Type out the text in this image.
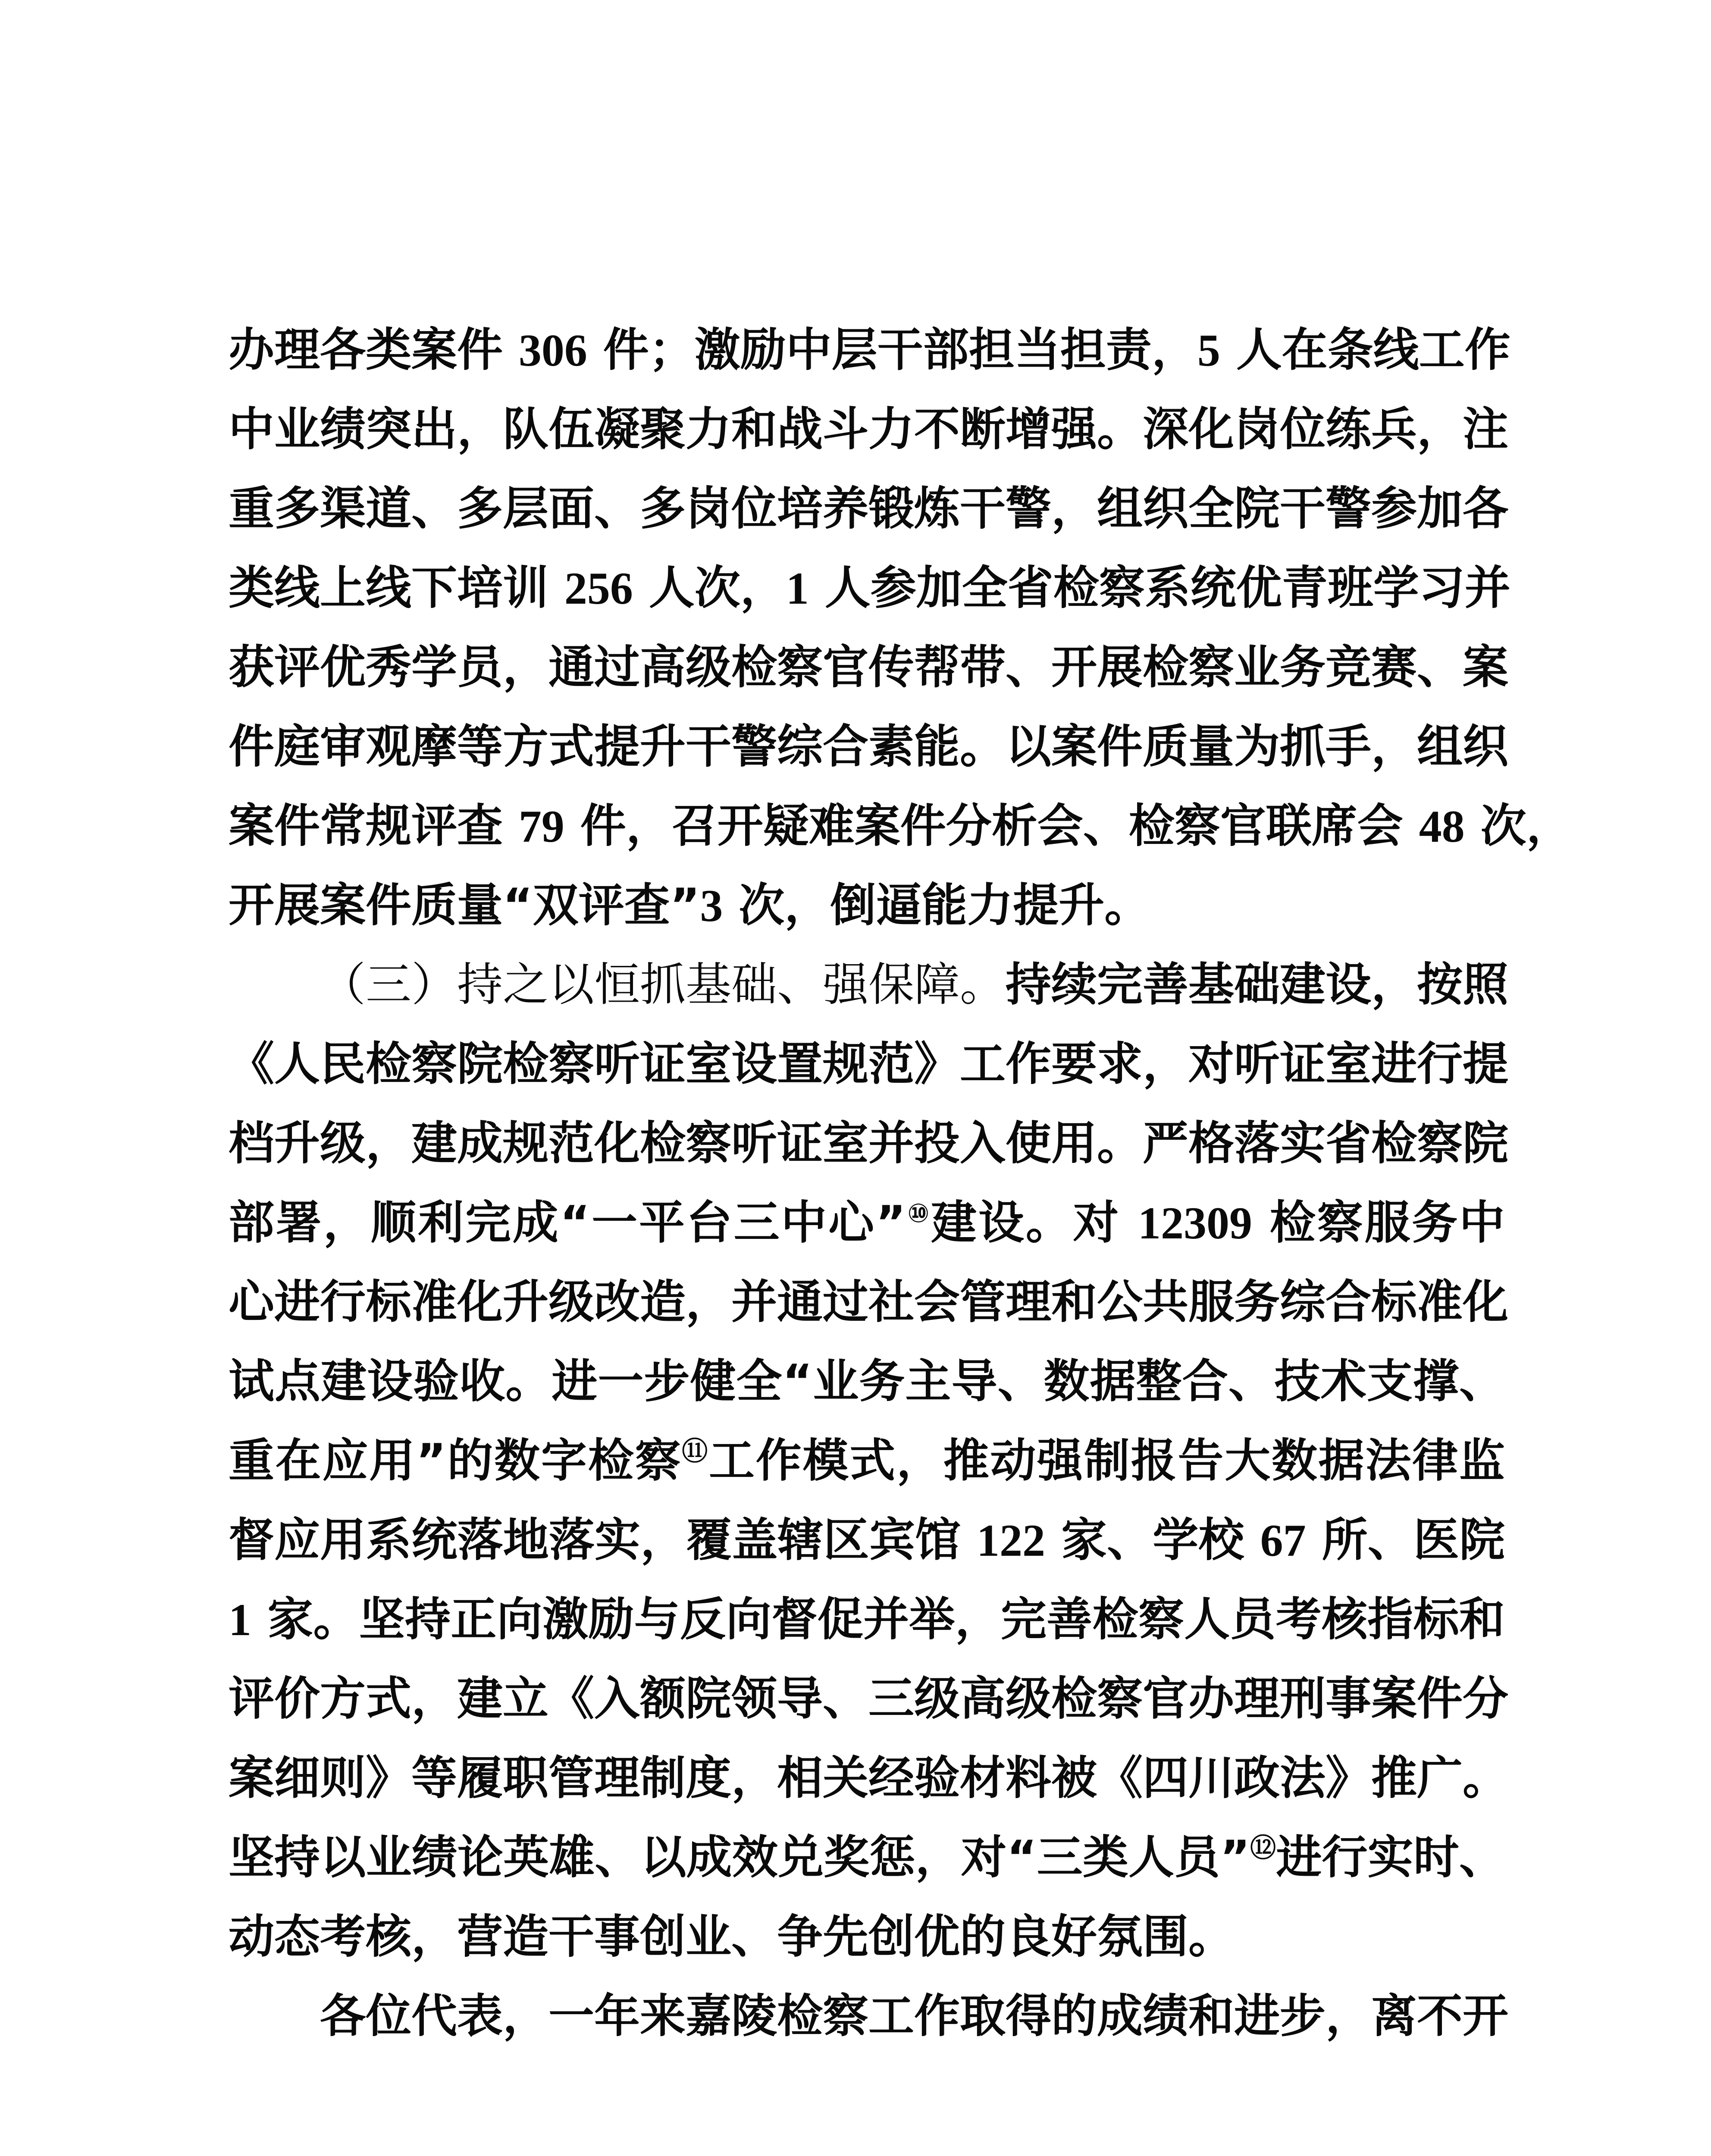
办理各类案件 306 件；激励中层干部担当担责，5 人在条线工作
中业绩突出，队伍凝聚力和战斗力不断增强。深化岗位练兵，注
重多渠道、多层面、多岗位培养锻炼干警，组织全院干警参加各
类线上线下培训 256 人次，1 人参加全省检察系统优青班学习并
获评优秀学员，通过高级检察官传帮带、开展检察业务竞赛、案
件庭审观摩等方式提升干警综合素能。以案件质量为抓手，组织
案件常规评查 79 件，召开疑难案件分析会、检察官联席会 48 次，
开展案件质量“双评查”3 次，倒逼能力提升。
（三）持之以恒抓基础、强保障。持续完善基础建设，按照
《人民检察院检察听证室设置规范》工作要求，对听证室进行提
档升级，建成规范化检察听证室并投入使用。严格落实省检察院
部署，顺利完成“一平台三中心”⑩建设。对 12309 检察服务中
心进行标准化升级改造，并通过社会管理和公共服务综合标准化
试点建设验收。进一步健全“业务主导、数据整合、技术支撑、
重在应用”的数字检察⑪工作模式，推动强制报告大数据法律监
督应用系统落地落实，覆盖辖区宾馆 122 家、学校 67 所、医院
1 家。坚持正向激励与反向督促并举，完善检察人员考核指标和
评价方式，建立《入额院领导、三级高级检察官办理刑事案件分
案细则》等履职管理制度，相关经验材料被《四川政法》推广。
坚持以业绩论英雄、以成效兑奖惩，对“三类人员”⑫进行实时、
动态考核，营造干事创业、争先创优的良好氛围。
各位代表，一年来嘉陵检察工作取得的成绩和进步，离不开
